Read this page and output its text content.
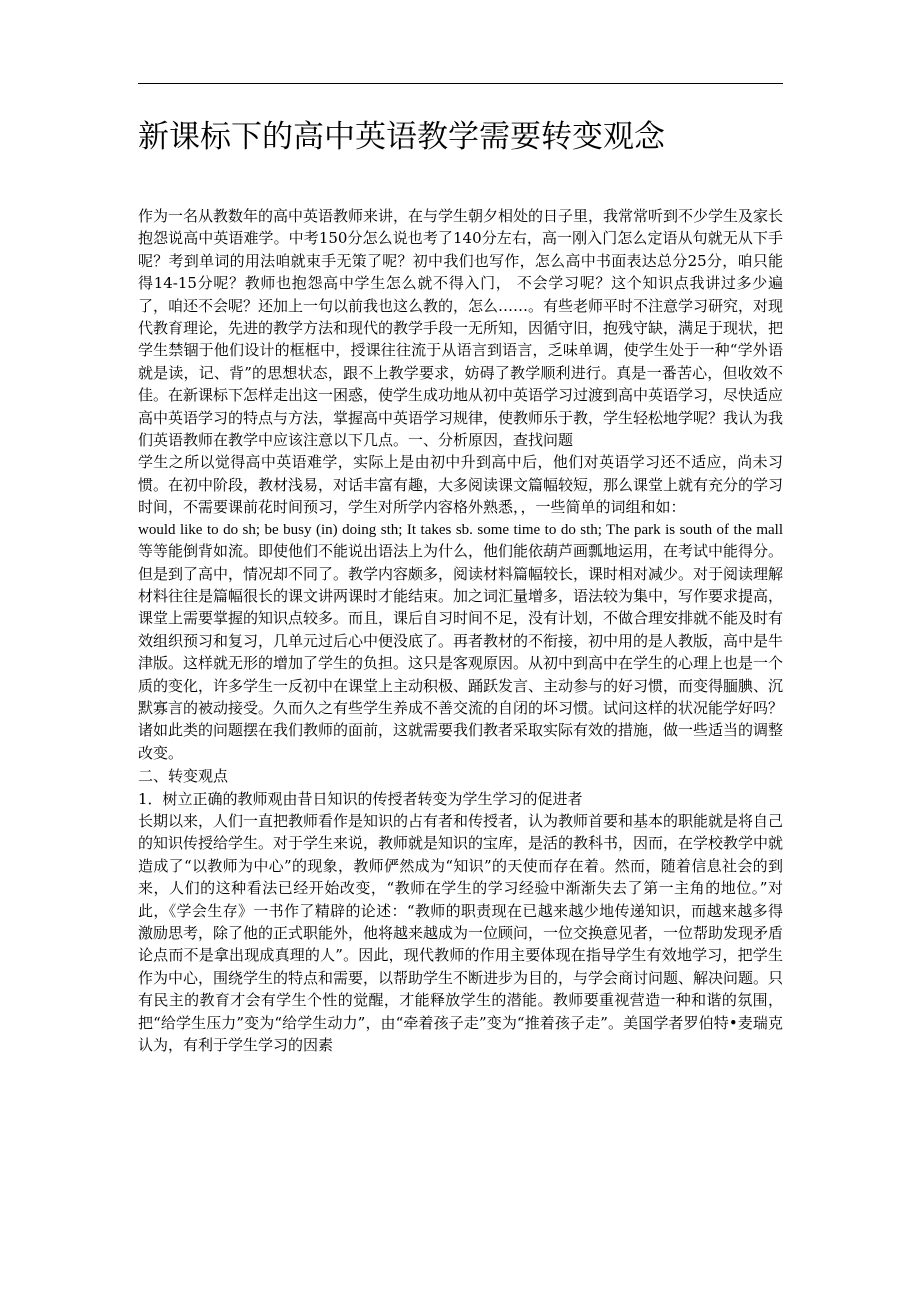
新课标下的高中英语教学需要转变观念

作为一名从教数年的高中英语教师来讲，在与学生朝夕相处的日子里，我常常听到不少学生及家长抱怨说高中英语难学。中考150分怎么说也考了140分左右，高一刚入门怎么定语从句就无从下手呢？考到单词的用法咱就束手无策了呢？初中我们也写作，怎么高中书面表达总分25分，咱只能得14-15分呢？教师也抱怨高中学生怎么就不得入门， 不会学习呢？这个知识点我讲过多少遍了，咱还不会呢？还加上一句以前我也这么教的，怎么……。有些老师平时不注意学习研究，对现代教育理论，先进的教学方法和现代的教学手段一无所知，因循守旧，抱残守缺，满足于现状，把学生禁锢于他们设计的框框中，授课往往流于从语言到语言，乏味单调，使学生处于一种“学外语就是读，记、背”的思想状态，跟不上教学要求，妨碍了教学顺利进行。真是一番苦心，但收效不佳。在新课标下怎样走出这一困惑，使学生成功地从初中英语学习过渡到高中英语学习，尽快适应高中英语学习的特点与方法，掌握高中英语学习规律，使教师乐于教，学生轻松地学呢？我认为我们英语教师在教学中应该注意以下几点。一、分析原因，查找问题

学生之所以觉得高中英语难学，实际上是由初中升到高中后，他们对英语学习还不适应，尚未习惯。在初中阶段，教材浅易，对话丰富有趣，大多阅读课文篇幅较短，那么课堂上就有充分的学习时间，不需要课前花时间预习，学生对所学内容格外熟悉，，一些简单的词组和如：

would like to do sh; be busy (in) doing sth; It takes sb. some time to do sth; The park is south of the mall 等等能倒背如流。即使他们不能说出语法上为什么，他们能依葫芦画瓢地运用，在考试中能得分。但是到了高中，情况却不同了。教学内容颇多，阅读材料篇幅较长，课时相对减少。对于阅读理解材料往往是篇幅很长的课文讲两课时才能结束。加之词汇量增多，语法较为集中，写作要求提高，课堂上需要掌握的知识点较多。而且，课后自习时间不足，没有计划，不做合理安排就不能及时有效组织预习和复习，几单元过后心中便没底了。再者教材的不衔接，初中用的是人教版，高中是牛津版。这样就无形的增加了学生的负担。这只是客观原因。从初中到高中在学生的心理上也是一个质的变化，许多学生一反初中在课堂上主动积极、踊跃发言、主动参与的好习惯，而变得腼腆、沉默寡言的被动接受。久而久之有些学生养成不善交流的自闭的坏习惯。试问这样的状况能学好吗？诸如此类的问题摆在我们教师的面前，这就需要我们教者采取实际有效的措施，做一些适当的调整改变。

二、转变观点

1．树立正确的教师观由昔日知识的传授者转变为学生学习的促进者

长期以来，人们一直把教师看作是知识的占有者和传授者，认为教师首要和基本的职能就是将自己的知识传授给学生。对于学生来说，教师就是知识的宝库，是活的教科书，因而，在学校教学中就造成了“以教师为中心”的现象，教师俨然成为“知识”的天使而存在着。然而，随着信息社会的到来，人们的这种看法已经开始改变，“教师在学生的学习经验中渐渐失去了第一主角的地位。”对此，《学会生存》一书作了精辟的论述：“教师的职责现在已越来越少地传递知识，而越来越多得激励思考，除了他的正式职能外，他将越来越成为一位顾问，一位交换意见者，一位帮助发现矛盾论点而不是拿出现成真理的人”。因此，现代教师的作用主要体现在指导学生有效地学习，把学生作为中心，围绕学生的特点和需要，以帮助学生不断进步为目的，与学会商讨问题、解决问题。只有民主的教育才会有学生个性的觉醒，才能释放学生的潜能。教师要重视营造一种和谐的氛围，把“给学生压力”变为“给学生动力”，由“牵着孩子走”变为“推着孩子走”。美国学者罗伯特•麦瑞克认为，有利于学生学习的因素
